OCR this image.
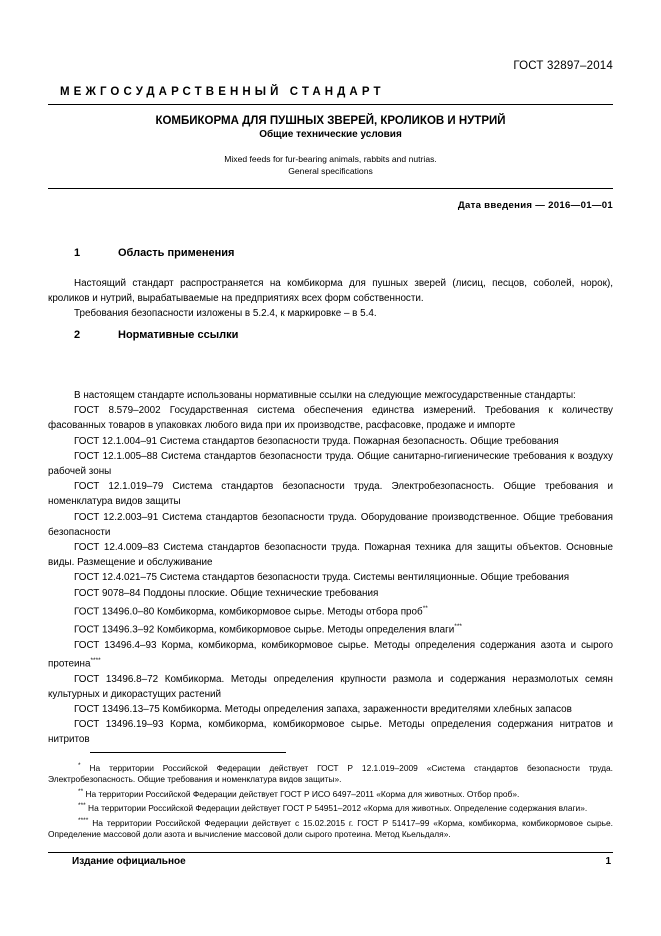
ГОСТ 32897–2014
МЕЖГОСУДАРСТВЕННЫЙ СТАНДАРТ
КОМБИКОРМА ДЛЯ ПУШНЫХ ЗВЕРЕЙ, КРОЛИКОВ И НУТРИЙ
Общие технические условия
Mixed feeds for fur-bearing animals, rabbits and nutrias.
General specifications
Дата введения — 2016—01—01
1	Область применения

Настоящий стандарт распространяется на комбикорма для пушных зверей (лисиц, песцов, соболей, норок), кроликов и нутрий, вырабатываемые на предприятиях всех форм собственности.

Требования безопасности изложены в 5.2.4, к маркировке – в 5.4.

2	Нормативные ссылки

В настоящем стандарте использованы нормативные ссылки на следующие межгосударственные стандарты:

ГОСТ 8.579–2002 Государственная система обеспечения единства измерений. Требования к количеству фасованных товаров в упаковках любого вида при их производстве, расфасовке, продаже и импорте

ГОСТ 12.1.004–91 Система стандартов безопасности труда. Пожарная безопасность. Общие требования

ГОСТ 12.1.005–88 Система стандартов безопасности труда. Общие санитарно-гигиенические требования к воздуху рабочей зоны

ГОСТ 12.1.019–79 Система стандартов безопасности труда. Электробезопасность. Общие требования и номенклатура видов защиты

ГОСТ 12.2.003–91 Система стандартов безопасности труда. Оборудование производственное. Общие требования безопасности

ГОСТ 12.4.009–83 Система стандартов безопасности труда. Пожарная техника для защиты объектов. Основные виды. Размещение и обслуживание

ГОСТ 12.4.021–75 Система стандартов безопасности труда. Системы вентиляционные. Общие требования

ГОСТ 9078–84 Поддоны плоские. Общие технические требования

ГОСТ 13496.0–80 Комбикорма, комбикормовое сырье. Методы отбора проб**

ГОСТ 13496.3–92 Комбикорма, комбикормовое сырье. Методы определения влаги***

ГОСТ 13496.4–93 Корма, комбикорма, комбикормовое сырье. Методы определения содержания азота и сырого протеина****

ГОСТ 13496.8–72 Комбикорма. Методы определения крупности размола и содержания неразмолотых семян культурных и дикорастущих растений

ГОСТ 13496.13–75 Комбикорма. Методы определения запаха, зараженности вредителями хлебных запасов

ГОСТ 13496.19–93 Корма, комбикорма, комбикормовое сырье. Методы определения содержания нитратов и нитритов

* На территории Российской Федерации действует ГОСТ Р 12.1.019–2009 «Система стандартов безопасности труда. Электробезопасность. Общие требования и номенклатура видов защиты».

** На территории Российской Федерации действует ГОСТ Р ИСО 6497–2011 «Корма для животных. Отбор проб».

*** На территории Российской Федерации действует ГОСТ Р 54951–2012 «Корма для животных. Определение содержания влаги».

**** На территории Российской Федерации действует с 15.02.2015 г. ГОСТ Р 51417–99 «Корма, комбикорма, комбикормовое сырье. Определение массовой доли азота и вычисление массовой доли сырого протеина. Метод Кьельдаля».

Издание официальное	1
